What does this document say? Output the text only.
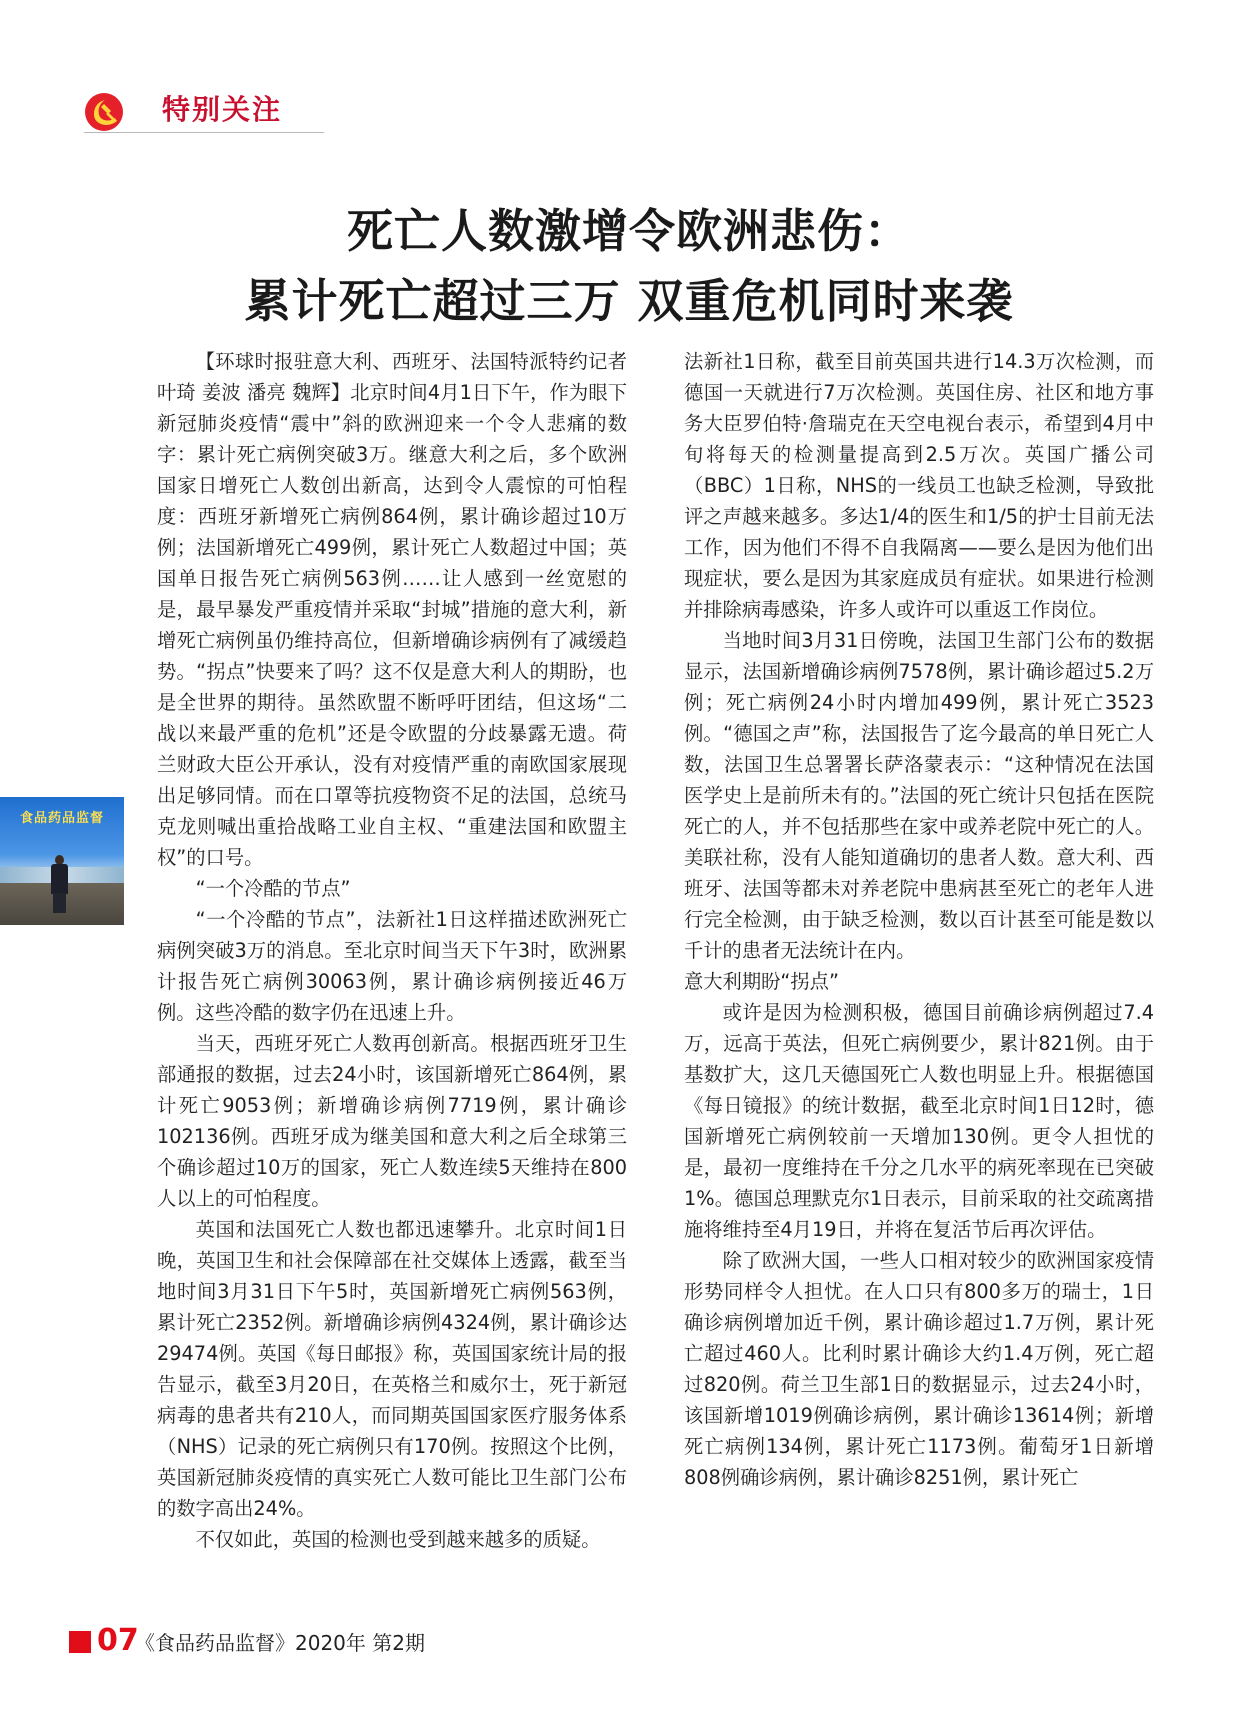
特别关注
死亡人数激增令欧洲悲伤：
累计死亡超过三万 双重危机同时来袭
食品药品监督

【环球时报驻意大利、西班牙、法国特派特约记者 叶琦 姜波 潘亮 魏辉】北京时间4月1日下午，作为眼下新冠肺炎疫情“震中”斜的欧洲迎来一个令人悲痛的数字：累计死亡病例突破3万。继意大利之后，多个欧洲国家日增死亡人数创出新高，达到令人震惊的可怕程度：西班牙新增死亡病例864例，累计确诊超过10万例；法国新增死亡499例，累计死亡人数超过中国；英国单日报告死亡病例563例……让人感到一丝宽慰的是，最早暴发严重疫情并采取“封城”措施的意大利，新增死亡病例虽仍维持高位，但新增确诊病例有了减缓趋势。“拐点”快要来了吗？这不仅是意大利人的期盼，也是全世界的期待。虽然欧盟不断呼吁团结，但这场“二战以来最严重的危机”还是令欧盟的分歧暴露无遗。荷兰财政大臣公开承认，没有对疫情严重的南欧国家展现出足够同情。而在口罩等抗疫物资不足的法国，总统马克龙则喊出重拾战略工业自主权、“重建法国和欧盟主权”的口号。

“一个冷酷的节点”

“一个冷酷的节点”，法新社1日这样描述欧洲死亡病例突破3万的消息。至北京时间当天下午3时，欧洲累计报告死亡病例30063例，累计确诊病例接近46万例。这些冷酷的数字仍在迅速上升。

当天，西班牙死亡人数再创新高。根据西班牙卫生部通报的数据，过去24小时，该国新增死亡864例，累计死亡9053例；新增确诊病例7719例，累计确诊102136例。西班牙成为继美国和意大利之后全球第三个确诊超过10万的国家，死亡人数连续5天维持在800人以上的可怕程度。

英国和法国死亡人数也都迅速攀升。北京时间1日晚，英国卫生和社会保障部在社交媒体上透露，截至当地时间3月31日下午5时，英国新增死亡病例563例，累计死亡2352例。新增确诊病例4324例，累计确诊达29474例。英国《每日邮报》称，英国国家统计局的报告显示，截至3月20日，在英格兰和威尔士，死于新冠病毒的患者共有210人，而同期英国国家医疗服务体系（NHS）记录的死亡病例只有170例。按照这个比例，英国新冠肺炎疫情的真实死亡人数可能比卫生部门公布的数字高出24%。

不仅如此，英国的检测也受到越来越多的质疑。

法新社1日称，截至目前英国共进行14.3万次检测，而德国一天就进行7万次检测。英国住房、社区和地方事务大臣罗伯特·詹瑞克在天空电视台表示，希望到4月中旬将每天的检测量提高到2.5万次。英国广播公司（BBC）1日称，NHS的一线员工也缺乏检测，导致批评之声越来越多。多达1/4的医生和1/5的护士目前无法工作，因为他们不得不自我隔离——要么是因为他们出现症状，要么是因为其家庭成员有症状。如果进行检测并排除病毒感染，许多人或许可以重返工作岗位。

当地时间3月31日傍晚，法国卫生部门公布的数据显示，法国新增确诊病例7578例，累计确诊超过5.2万例；死亡病例24小时内增加499例，累计死亡3523例。“德国之声”称，法国报告了迄今最高的单日死亡人数，法国卫生总署署长萨洛蒙表示：“这种情况在法国医学史上是前所未有的。”法国的死亡统计只包括在医院死亡的人，并不包括那些在家中或养老院中死亡的人。美联社称，没有人能知道确切的患者人数。意大利、西班牙、法国等都未对养老院中患病甚至死亡的老年人进行完全检测，由于缺乏检测，数以百计甚至可能是数以千计的患者无法统计在内。

意大利期盼“拐点”

或许是因为检测积极，德国目前确诊病例超过7.4万，远高于英法，但死亡病例要少，累计821例。由于基数扩大，这几天德国死亡人数也明显上升。根据德国《每日镜报》的统计数据，截至北京时间1日12时，德国新增死亡病例较前一天增加130例。更令人担忧的是，最初一度维持在千分之几水平的病死率现在已突破1%。德国总理默克尔1日表示，目前采取的社交疏离措施将维持至4月19日，并将在复活节后再次评估。

除了欧洲大国，一些人口相对较少的欧洲国家疫情形势同样令人担忧。在人口只有800多万的瑞士，1日确诊病例增加近千例，累计确诊超过1.7万例，累计死亡超过460人。比利时累计确诊大约1.4万例，死亡超过820例。荷兰卫生部1日的数据显示，过去24小时，该国新增1019例确诊病例，累计确诊13614例；新增死亡病例134例，累计死亡1173例。葡萄牙1日新增808例确诊病例，累计确诊8251例，累计死亡

07
《食品药品监督》2020年 第2期
